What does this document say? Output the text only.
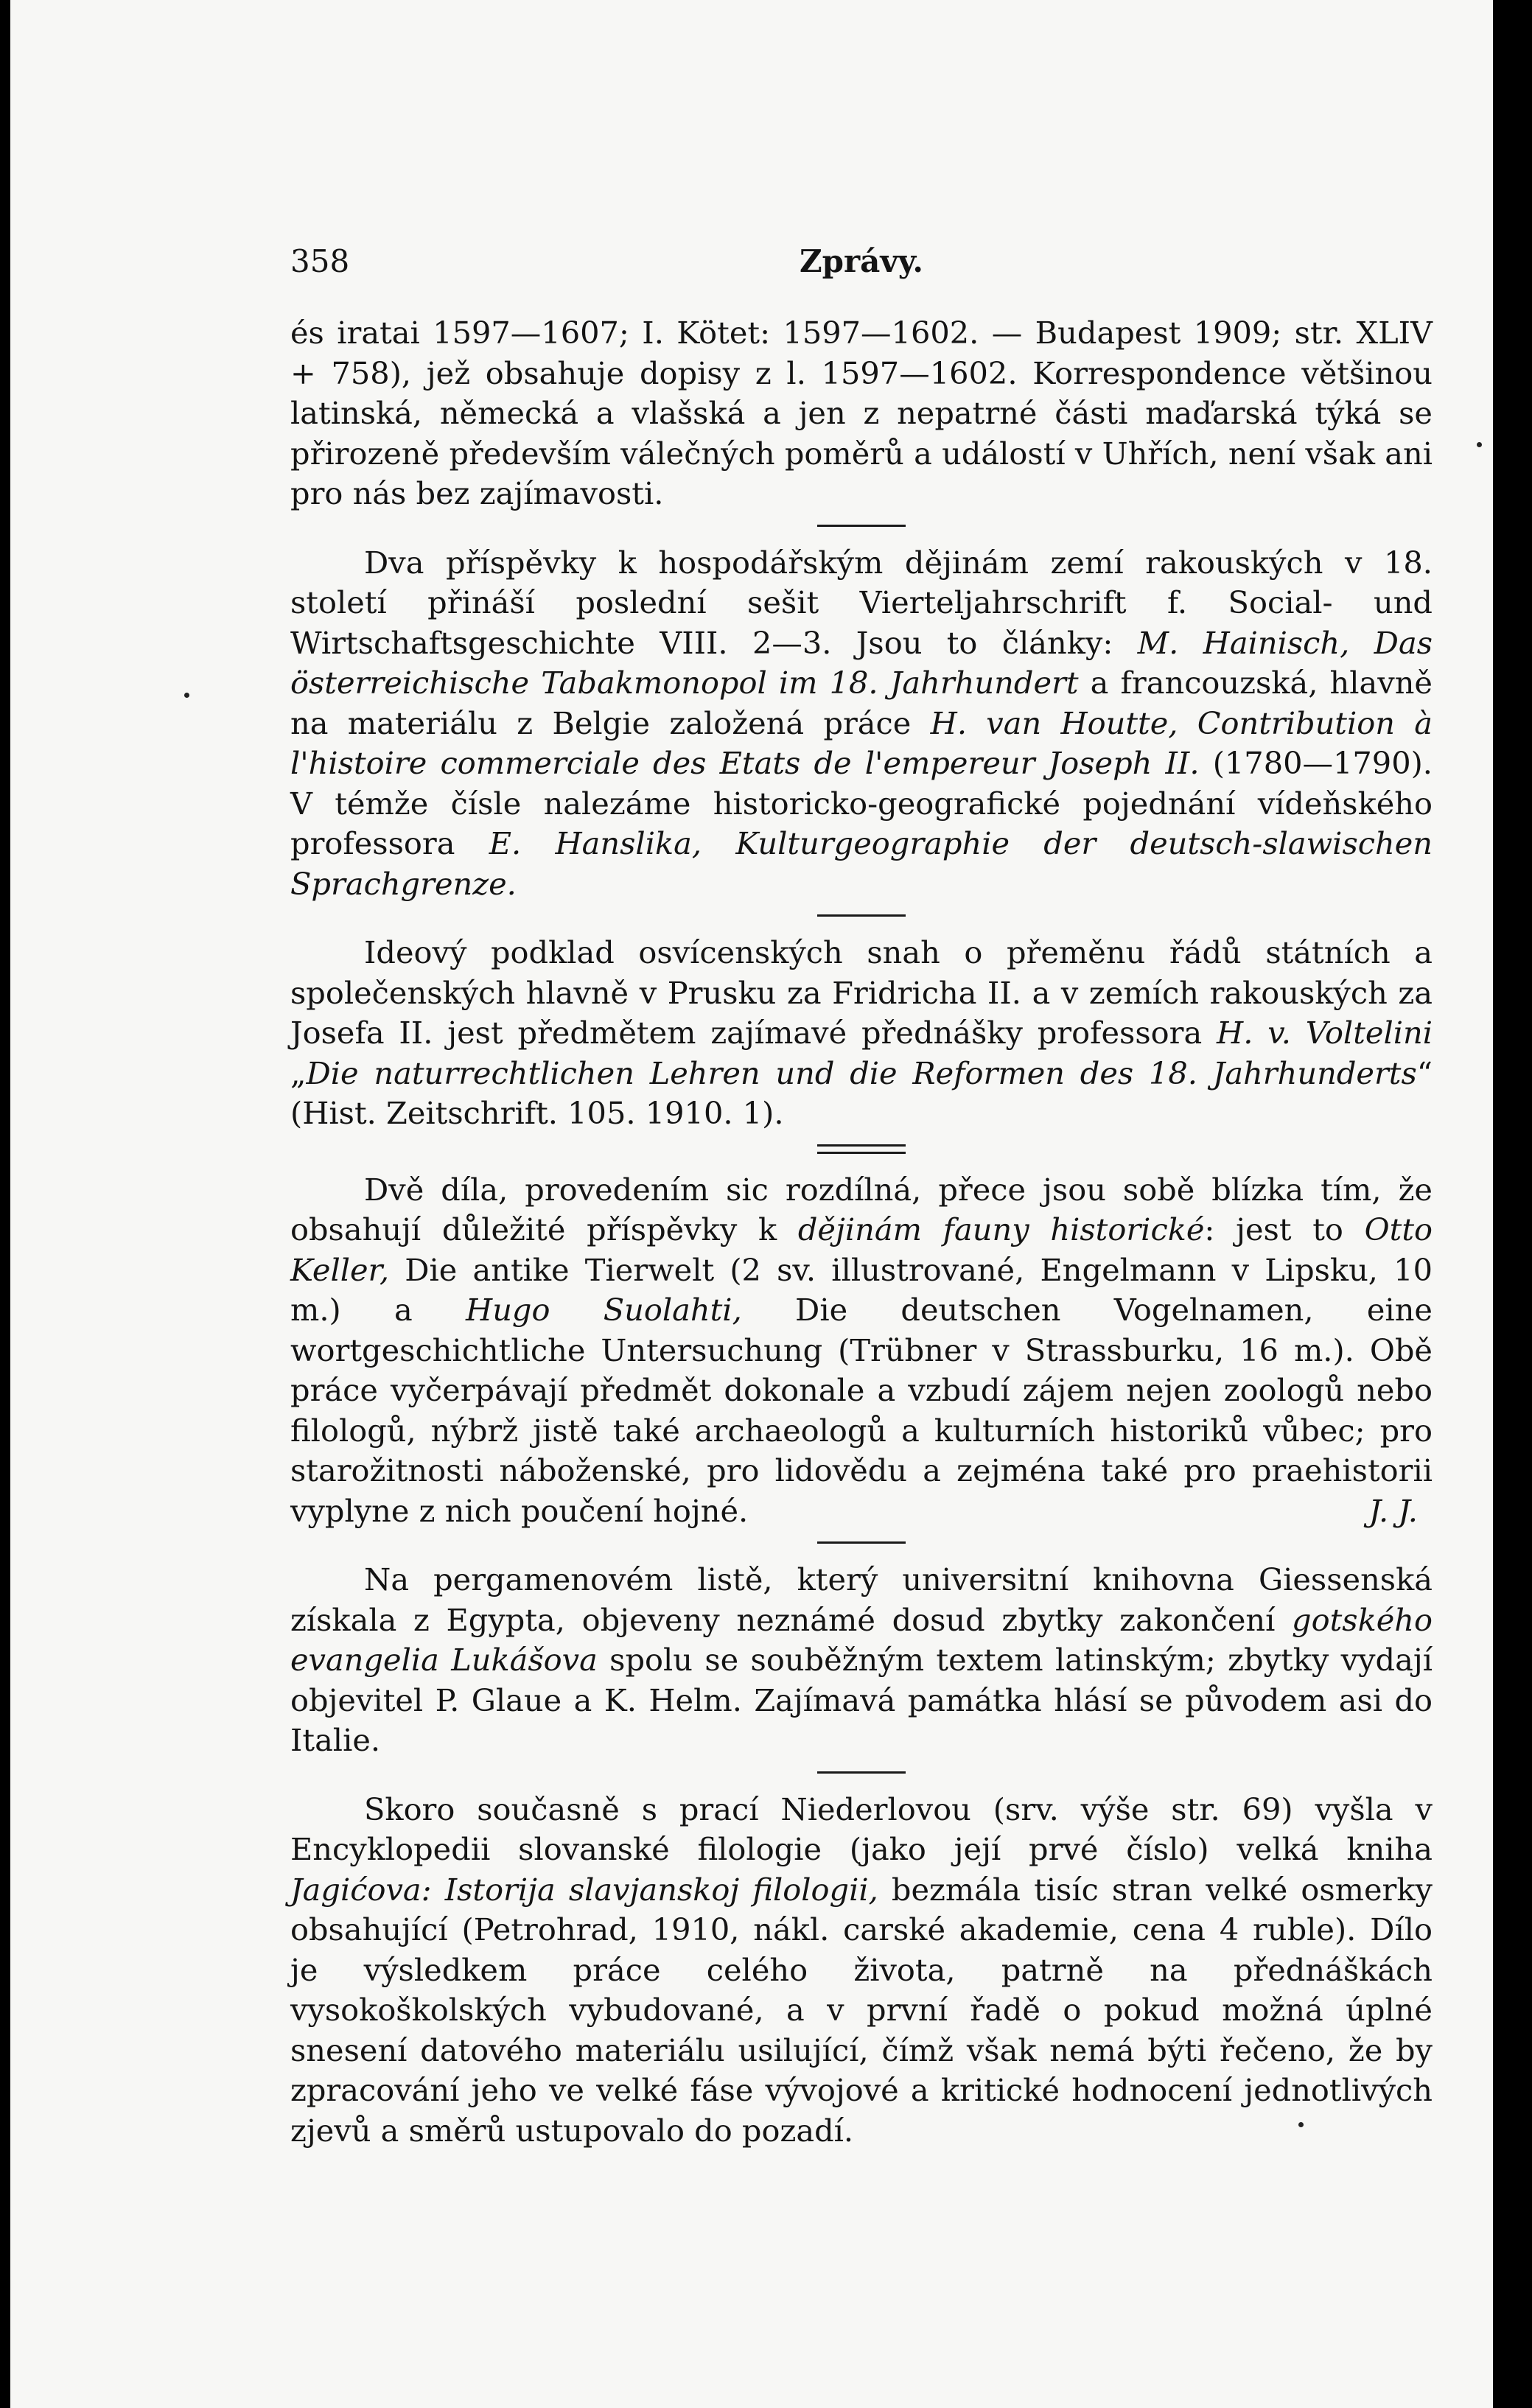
358	Zprávy.

és iratai 1597—1607; I. Kötet: 1597—1602. — Budapest 1909; str. XLIV + 758), jež obsahuje dopisy z l. 1597—1602. Korrespondence většinou latinská, německá a vlašská a jen z nepatrné části maďarská týká se přirozeně především válečných poměrů a událostí v Uhřích, není však ani pro nás bez zajímavosti.

Dva příspěvky k hospodářským dějinám zemí rakouských v 18. století přináší poslední sešit Vierteljahrschrift f. Social- und Wirtschaftsgeschichte VIII. 2—3. Jsou to články: M. Hainisch, Das österreichische Tabakmonopol im 18. Jahrhundert a francouzská, hlavně na materiálu z Belgie založená práce H. van Houtte, Contribution à l'histoire commerciale des Etats de l'empereur Joseph II. (1780—1790). V témže čísle nalezáme historicko-geografické pojednání vídeňského professora E. Hanslika, Kulturgeographie der deutsch-slawischen Sprachgrenze.

Ideový podklad osvícenských snah o přeměnu řádů státních a společenských hlavně v Prusku za Fridricha II. a v zemích rakouských za Josefa II. jest předmětem zajímavé přednášky professora H. v. Voltelini „Die naturrechtlichen Lehren und die Reformen des 18. Jahrhunderts“ (Hist. Zeitschrift. 105. 1910. 1).

Dvě díla, provedením sic rozdílná, přece jsou sobě blízka tím, že obsahují důležité příspěvky k dějinám fauny historické: jest to Otto Keller, Die antike Tierwelt (2 sv. illustrované, Engelmann v Lipsku, 10 m.) a Hugo Suolahti, Die deutschen Vogelnamen, eine wortgeschichtliche Untersuchung (Trübner v Strassburku, 16 m.). Obě práce vyčerpávají předmět dokonale a vzbudí zájem nejen zoologů nebo filologů, nýbrž jistě také archaeologů a kulturních historiků vůbec; pro starožitnosti náboženské, pro lidovědu a zejména také pro praehistorii vyplyne z nich poučení hojné.	J. J.

Na pergamenovém listě, který universitní knihovna Giessenská získala z Egypta, objeveny neznámé dosud zbytky zakončení gotského evangelia Lukášova spolu se souběžným textem latinským; zbytky vydají objevitel P. Glaue a K. Helm. Zajímavá památka hlásí se původem asi do Italie.

Skoro současně s prací Niederlovou (srv. výše str. 69) vyšla v Encyklopedii slovanské filologie (jako její prvé číslo) velká kniha Jagićova: Istorija slavjanskoj filologii, bezmála tisíc stran velké osmerky obsahující (Petrohrad, 1910, nákl. carské akademie, cena 4 ruble). Dílo je výsledkem práce celého života, patrně na přednáškách vysokoškolských vybudované, a v první řadě o pokud možná úplné snesení datového materiálu usilující, čímž však nemá býti řečeno, že by zpracování jeho ve velké fáse vývojové a kritické hodnocení jednotlivých zjevů a směrů ustupovalo do pozadí.
